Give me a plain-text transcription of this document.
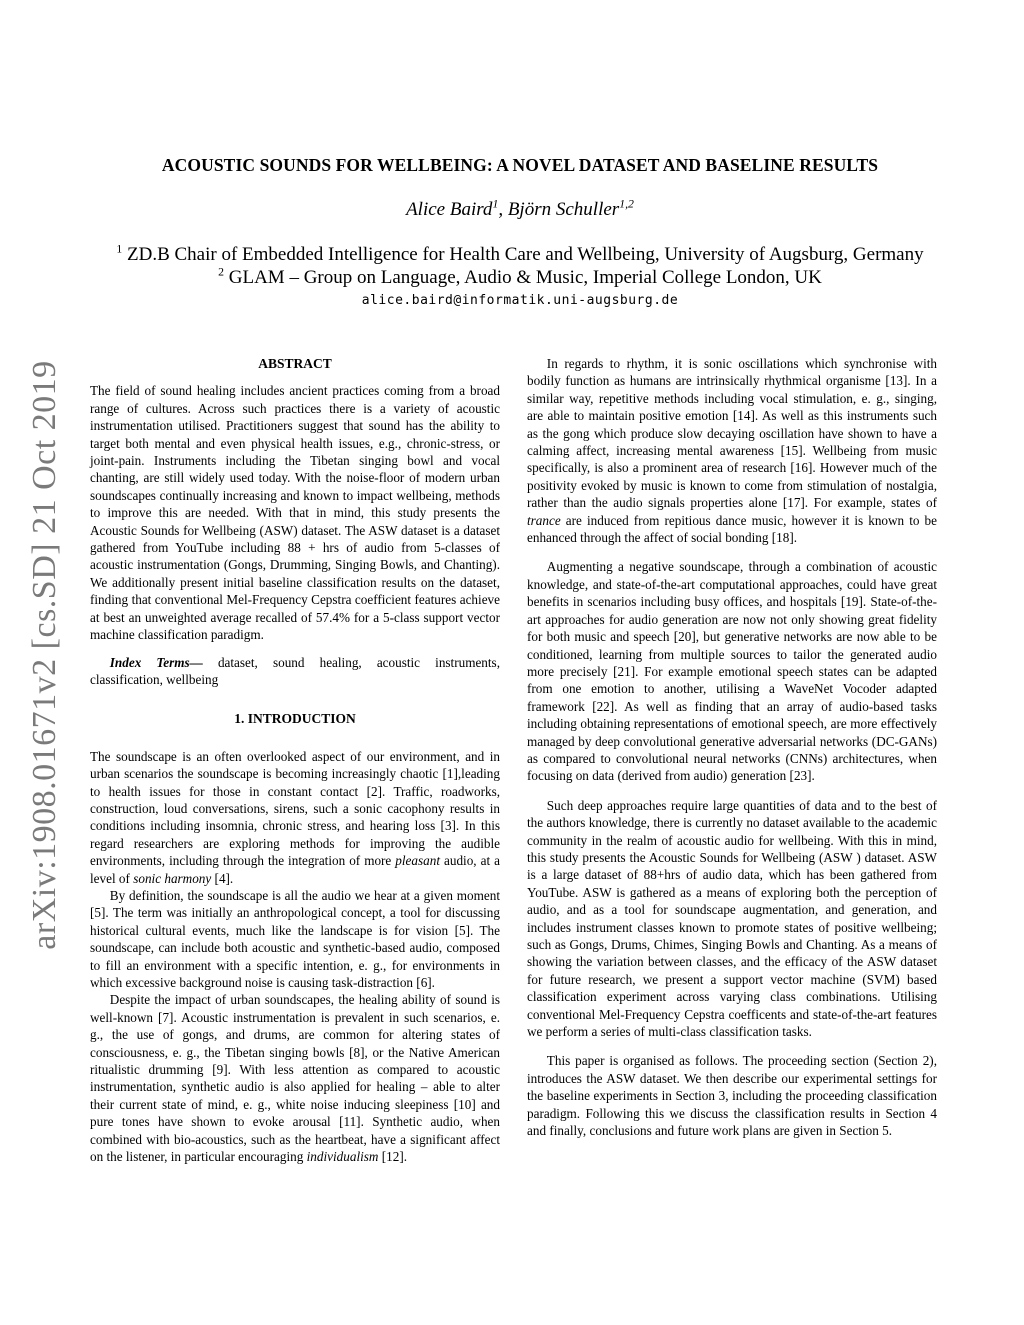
arXiv:1908.01671v2 [cs.SD] 21 Oct 2019
ACOUSTIC SOUNDS FOR WELLBEING: A NOVEL DATASET AND BASELINE RESULTS
Alice Baird$^1$, Björn Schuller$^{1,2}$
$^1$ ZD.B Chair of Embedded Intelligence for Health Care and Wellbeing, University of Augsburg, Germany
$^2$ GLAM – Group on Language, Audio & Music, Imperial College London, UK
alice.baird@informatik.uni-augsburg.de
ABSTRACT

The field of sound healing includes ancient practices coming from a broad range of cultures. Across such practices there is a variety of acoustic instrumentation utilised. Practitioners suggest that sound has the ability to target both mental and even physical health issues, e.g., chronic-stress, or joint-pain. Instruments including the Tibetan singing bowl and vocal chanting, are still widely used today. With the noise-floor of modern urban soundscapes continually increasing and known to impact wellbeing, methods to improve this are needed. With that in mind, this study presents the Acoustic Sounds for Wellbeing (ASW) dataset. The ASW dataset is a dataset gathered from YouTube including 88 + hrs of audio from 5-classes of acoustic instrumentation (Gongs, Drumming, Singing Bowls, and Chanting). We additionally present initial baseline classification results on the dataset, finding that conventional Mel-Frequency Cepstra coefficient features achieve at best an unweighted average recalled of 57.4% for a 5-class support vector machine classification paradigm.

Index Terms— dataset, sound healing, acoustic instruments, classification, wellbeing

1. INTRODUCTION

The soundscape is an often overlooked aspect of our environment, and in urban scenarios the soundscape is becoming increasingly chaotic [1],leading to health issues for those in constant contact [2]. Traffic, roadworks, construction, loud conversations, sirens, such a sonic cacophony results in conditions including insomnia, chronic stress, and hearing loss [3]. In this regard researchers are exploring methods for improving the audible environments, including through the integration of more pleasant audio, at a level of sonic harmony [4].

By definition, the soundscape is all the audio we hear at a given moment [5]. The term was initially an anthropological concept, a tool for discussing historical cultural events, much like the landscape is for vision [5]. The soundscape, can include both acoustic and synthetic-based audio, composed to fill an environment with a specific intention, e. g., for environments in which excessive background noise is causing task-distraction [6].

Despite the impact of urban soundscapes, the healing ability of sound is well-known [7]. Acoustic instrumentation is prevalent in such scenarios, e. g., the use of gongs, and drums, are common for altering states of consciousness, e. g., the Tibetan singing bowls [8], or the Native American ritualistic drumming [9]. With less attention as compared to acoustic instrumentation, synthetic audio is also applied for healing – able to alter their current state of mind, e. g., white noise inducing sleepiness [10] and pure tones have shown to evoke arousal [11]. Synthetic audio, when combined with bio-acoustics, such as the heartbeat, have a significant affect on the listener, in particular encouraging individualism [12].

In regards to rhythm, it is sonic oscillations which synchronise with bodily function as humans are intrinsically rhythmical organisme [13]. In a similar way, repetitive methods including vocal stimulation, e. g., singing, are able to maintain positive emotion [14]. As well as this instruments such as the gong which produce slow decaying oscillation have shown to have a calming affect, increasing mental awareness [15]. Wellbeing from music specifically, is also a prominent area of research [16]. However much of the positivity evoked by music is known to come from stimulation of nostalgia, rather than the audio signals properties alone [17]. For example, states of trance are induced from repitious dance music, however it is known to be enhanced through the affect of social bonding [18].

Augmenting a negative soundscape, through a combination of acoustic knowledge, and state-of-the-art computational approaches, could have great benefits in scenarios including busy offices, and hospitals [19]. State-of-the-art approaches for audio generation are now not only showing great fidelity for both music and speech [20], but generative networks are now able to be conditioned, learning from multiple sources to tailor the generated audio more precisely [21]. For example emotional speech states can be adapted from one emotion to another, utilising a WaveNet Vocoder adapted framework [22]. As well as finding that an array of audio-based tasks including obtaining representations of emotional speech, are more effectively managed by deep convolutional generative adversarial networks (DC-GANs) as compared to convolutional neural networks (CNNs) architectures, when focusing on data (derived from audio) generation [23].

Such deep approaches require large quantities of data and to the best of the authors knowledge, there is currently no dataset available to the academic community in the realm of acoustic audio for wellbeing. With this in mind, this study presents the Acoustic Sounds for Wellbeing (ASW ) dataset. ASW is a large dataset of 88+hrs of audio data, which has been gathered from YouTube. ASW is gathered as a means of exploring both the perception of audio, and as a tool for soundscape augmentation, and generation, and includes instrument classes known to promote states of positive wellbeing; such as Gongs, Drums, Chimes, Singing Bowls and Chanting. As a means of showing the variation between classes, and the efficacy of the ASW dataset for future research, we present a support vector machine (SVM) based classification experiment across varying class combinations. Utilising conventional Mel-Frequency Cepstra coefficents and state-of-the-art features we perform a series of multi-class classification tasks.

This paper is organised as follows. The proceeding section (Section 2), introduces the ASW dataset. We then describe our experimental settings for the baseline experiments in Section 3, including the proceeding classification paradigm. Following this we discuss the classification results in Section 4 and finally, conclusions and future work plans are given in Section 5.
